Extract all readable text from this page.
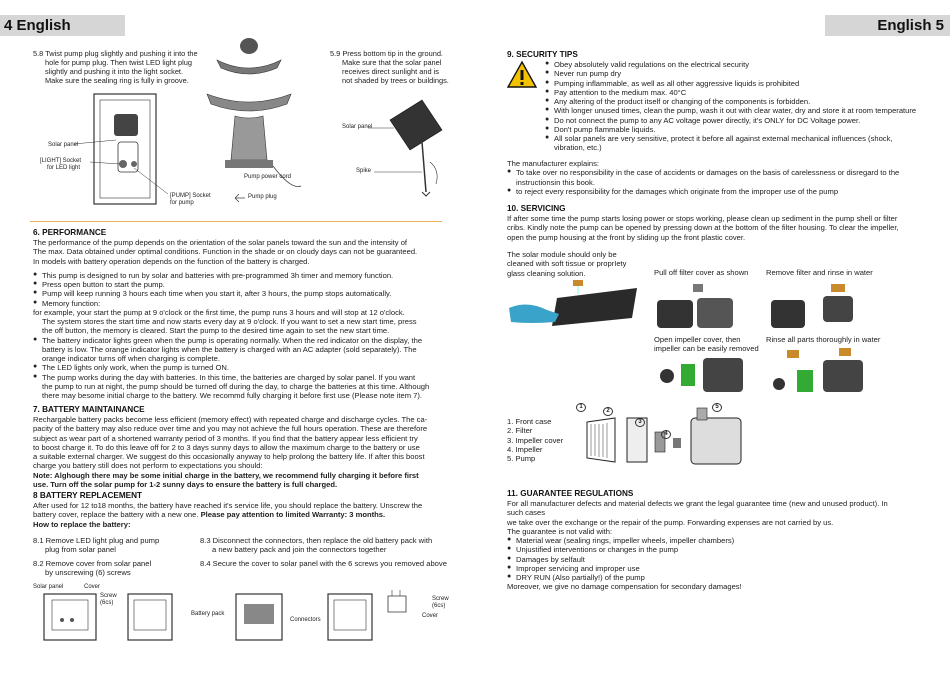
4 English
5.8 Twist pump plug slightly and pushing it into the
hole for pump plug. Then twist LED light plug
slightly and pushing it into the light socket.
Make sure the sealing ring is fully in groove.
Solar panel
[LIGHT] Socket
for LED light
[PUMP] Socket
for pump
Pump power cord
Pump plug
5.9 Press bottom tip in the ground.
Make sure that the solar panel
receives direct sunlight and is
not shaded by trees or buildings.
Solar panel
Spike
6. PERFORMANCE
The performance of the pump depends on the orientation of the solar panels toward the sun and the intensity of
The max. Data obtained under optimal conditions. Function in the shade or on cloudy days can not be guaranteed.
In models with battery operation depends on the function of the battery is charged.
● This pump is designed to run by solar and batteries with pre-programmed 3h timer and memory function.
● Press open button to start the pump.
● Pump will keep running 3 hours each time when you start it, after 3 hours, the pump stops automatically.
● Memory function:
for example, your start the pump at 9 o'clock or the first time, the pump runs 3 hours and will stop at 12 o'clock.
The system stores the start time and now starts every day at 9 o'clock. If you want to set a new start time, press
the off button, the memory is cleared. Start the pump to the desired time again to set the new start time.
● The battery indicator lights green when the pump is operating normally. When the red indicator on the display, the
battery is low. The orange indicator lights when the battery is charged with an AC adapter (sold separately). The
orange indicator turns off when charging is complete.
● The LED lights only work, when the pump is turned ON.
● The pump works during the day with batteries. In this time, the batteries are charged by solar panel. If you want
the pump to run at night, the pump should be turned off during the day, to charge the batteries at this time. Although
there may besome initial charge to the battery. We recommd fully charging it before first use (Please note item 7).
7. BATTERY MAINTAINANCE
Rechargable battery packs become less efficient (memory effect) with repeated charge and discharge cycles. The ca-
pacity of the battery may also reduce over time and you may not achieve the full hours operation. These are therefore
subject as wear part of a shortened warranty period of 3 months. If you find that the battery appear less efficient try
to boost charge it. To do this leave off for 2 to 3 days sunny days to allow the maximum charge to the battery or use
a suitable external charger. We suggest do this occasionally anyway to help prolong the battery life. If after this boost
charge you battery still does not perform to expectations you should:
Note: Alghough there may be some initial charge in the battery, we recommend fully charging it before first
use. Turn off the solar pump for 1-2 sunny days to ensure the battery is full charged.
8 BATTERY REPLACEMENT
After used for 12 to18 months, the battery have reached it's service life, you should replace the battery. Unscrew the
battery cover, replace the battery with a new one. Please pay attention to limited Warranty: 3 months.
How to replace the battery:
8.1 Remove LED light plug and pump
plug from solar panel
8.2 Remove cover from solar panel
by unscrewing (6) screws
8.3 Disconnect the connectors, then replace the old battery pack with
a new battery pack and join the connectors together
8.4 Secure the cover to solar panel with the 6 screws you removed above
Solar panel	Cover
Screw
(6cs)
Battery pack
Connectors
Screw
(6cs)
Cover
English 5
9. SECURITY TIPS
● Obey absolutely valid regulations on the electrical security
● Never run pump dry
● Pumping inflammable, as well as all other aggressive liquids is prohibited
● Pay attention to the medium max. 40°C
● Any altering of the product itself or changing of the components is forbidden.
● With longer unused times, clean the pump, wash it out with clear water, dry and store it at room temperature
● Do not connect the pump to any AC voltage power directly, it's ONLY for DC Voltage power.
● Don't pump flammable liquids.
● All solar panels are very sensitive, protect it before all against external mechanical influences (shock,
vibration, etc.)
The manufacturer explains:
● To take over no responsibility in the case of accidents or damages on the basis of carelessness or disregard to the
instructionsin this book.
● to reject every responsibility for the damages which originate from the improper use of the pump
10. SERVICING
If after some time the pump starts losing power or stops working, please clean up sediment in the pump shell or filter
cribs. Kindly note the pump can be opened by pressing down at the bottom of the filter housing. To clear the impeller,
open the pump housing at the front by sliding up the front plastic cover.
The solar module should only be
cleaned with soft tissue or proprIety
glass cleaning solution.	Pull off filter cover as shown Remove filter and rinse in water
Open impeller cover, then
impeller can be easily removed
Rinse all parts thoroughly in water
1. Front case
2. Filter
3. Impeller cover
4. Impeller
5. Pump
1
2
3
4
5
11. GUARANTEE REGULATIONS
For all manufacturer defects and material defects we grant the legal guarantee time (new and unused product). In
such cases
we take over the exchange or the repair of the pump. Forwarding expenses are not carried by us.
The guarantee is not valid with:
● Material wear (sealing rings, impeller wheels, impeller chambers)
● Unjustified interventions or changes in the pump
● Damages by selfault
● Improper servicing and improper use
● DRY RUN (Also partially!) of the pump
Moreover, we give no damage compensation for secondary damages!
